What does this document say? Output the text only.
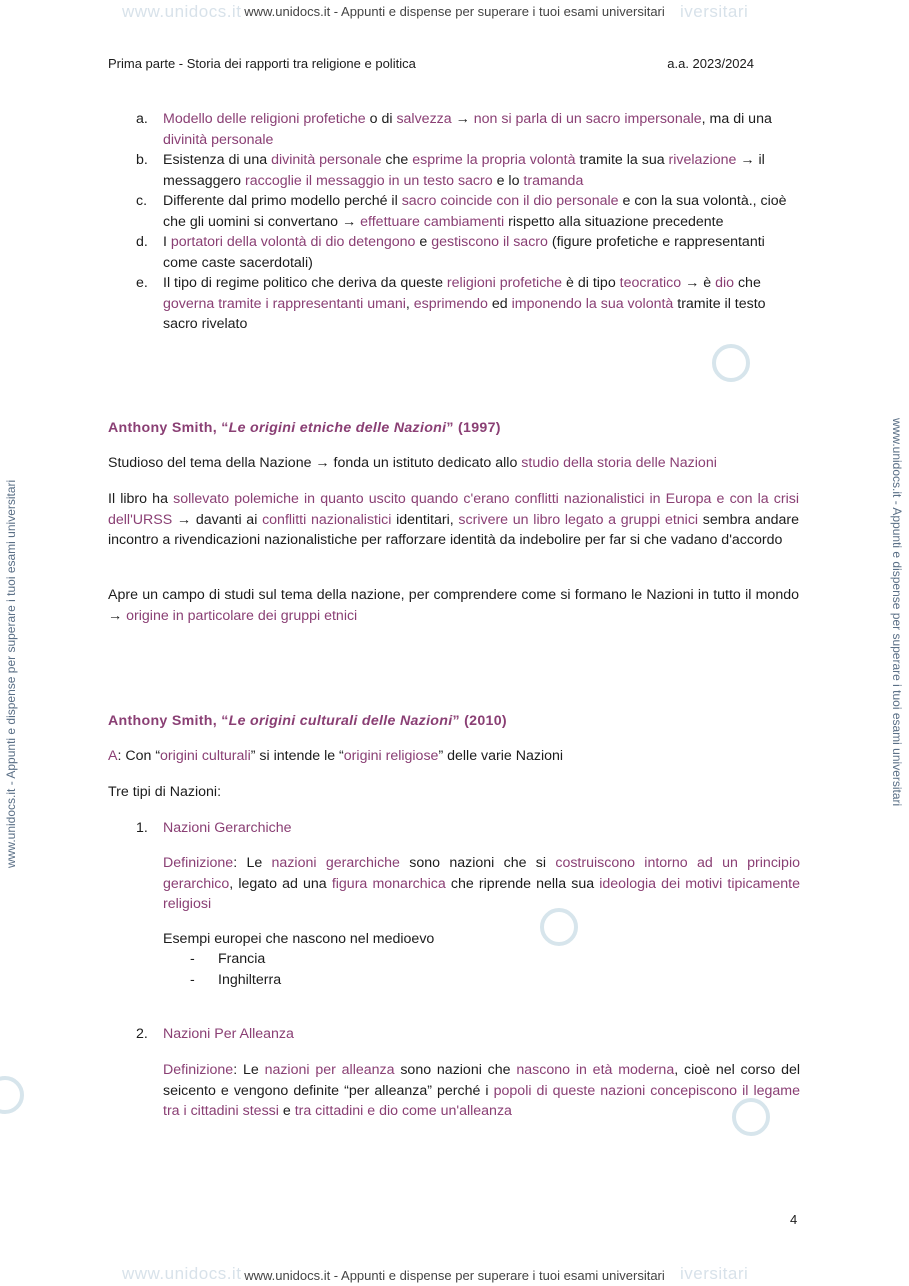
www.unidocs.it	iversitari
www.unidocs.it - Appunti e dispense per superare i tuoi esami universitari
www.unidocs.it	iversitari
www.unidocs.it - Appunti e dispense per superare i tuoi esami universitari
www.unidocs.it - Appunti e dispense per superare i tuoi esami universitari	www.unidocs.it - Appunti e dispense per superare i tuoi esami universitari
Prima parte - Storia dei rapporti tra religione e politica	a.a. 2023/2024
a.	Modello delle religioni profetiche o di salvezza → non si parla di un sacro impersonale, ma di una divinità personale
b.	Esistenza di una divinità personale che esprime la propria volontà tramite la sua rivelazione → il messaggero raccoglie il messaggio in un testo sacro e lo tramanda
c.	Differente dal primo modello perché il sacro coincide con il dio personale e con la sua volontà., cioè che gli uomini si convertano → effettuare cambiamenti rispetto alla situazione precedente
d.	I portatori della volontà di dio detengono e gestiscono il sacro (figure profetiche e rappresentanti come caste sacerdotali)
e.	Il tipo di regime politico che deriva da queste religioni profetiche è di tipo teocratico → è dio che governa tramite i rappresentanti umani, esprimendo ed imponendo la sua volontà tramite il testo sacro rivelato
Anthony Smith, “Le origini etniche delle Nazioni” (1997)
Studioso del tema della Nazione → fonda un istituto dedicato allo studio della storia delle Nazioni
Il libro ha sollevato polemiche in quanto uscito quando c'erano conflitti nazionalistici in Europa e con la crisi dell'URSS → davanti ai conflitti nazionalistici identitari, scrivere un libro legato a gruppi etnici sembra andare incontro a rivendicazioni nazionalistiche per rafforzare identità da indebolire per far si che vadano d'accordo
Apre un campo di studi sul tema della nazione, per comprendere come si formano le Nazioni in tutto il mondo → origine in particolare dei gruppi etnici
Anthony Smith, “Le origini culturali delle Nazioni” (2010)
A: Con “origini culturali” si intende le “origini religiose” delle varie Nazioni
Tre tipi di Nazioni:
1. Nazioni Gerarchiche
Definizione: Le nazioni gerarchiche sono nazioni che si costruiscono intorno ad un principio gerarchico, legato ad una figura monarchica che riprende nella sua ideologia dei motivi tipicamente religiosi
Esempi europei che nascono nel medioevo
-	Francia
-	Inghilterra
2. Nazioni Per Alleanza
Definizione: Le nazioni per alleanza sono nazioni che nascono in età moderna, cioè nel corso del seicento e vengono definite “per alleanza” perché i popoli di queste nazioni concepiscono il legame tra i cittadini stessi e tra cittadini e dio come un'alleanza
4
